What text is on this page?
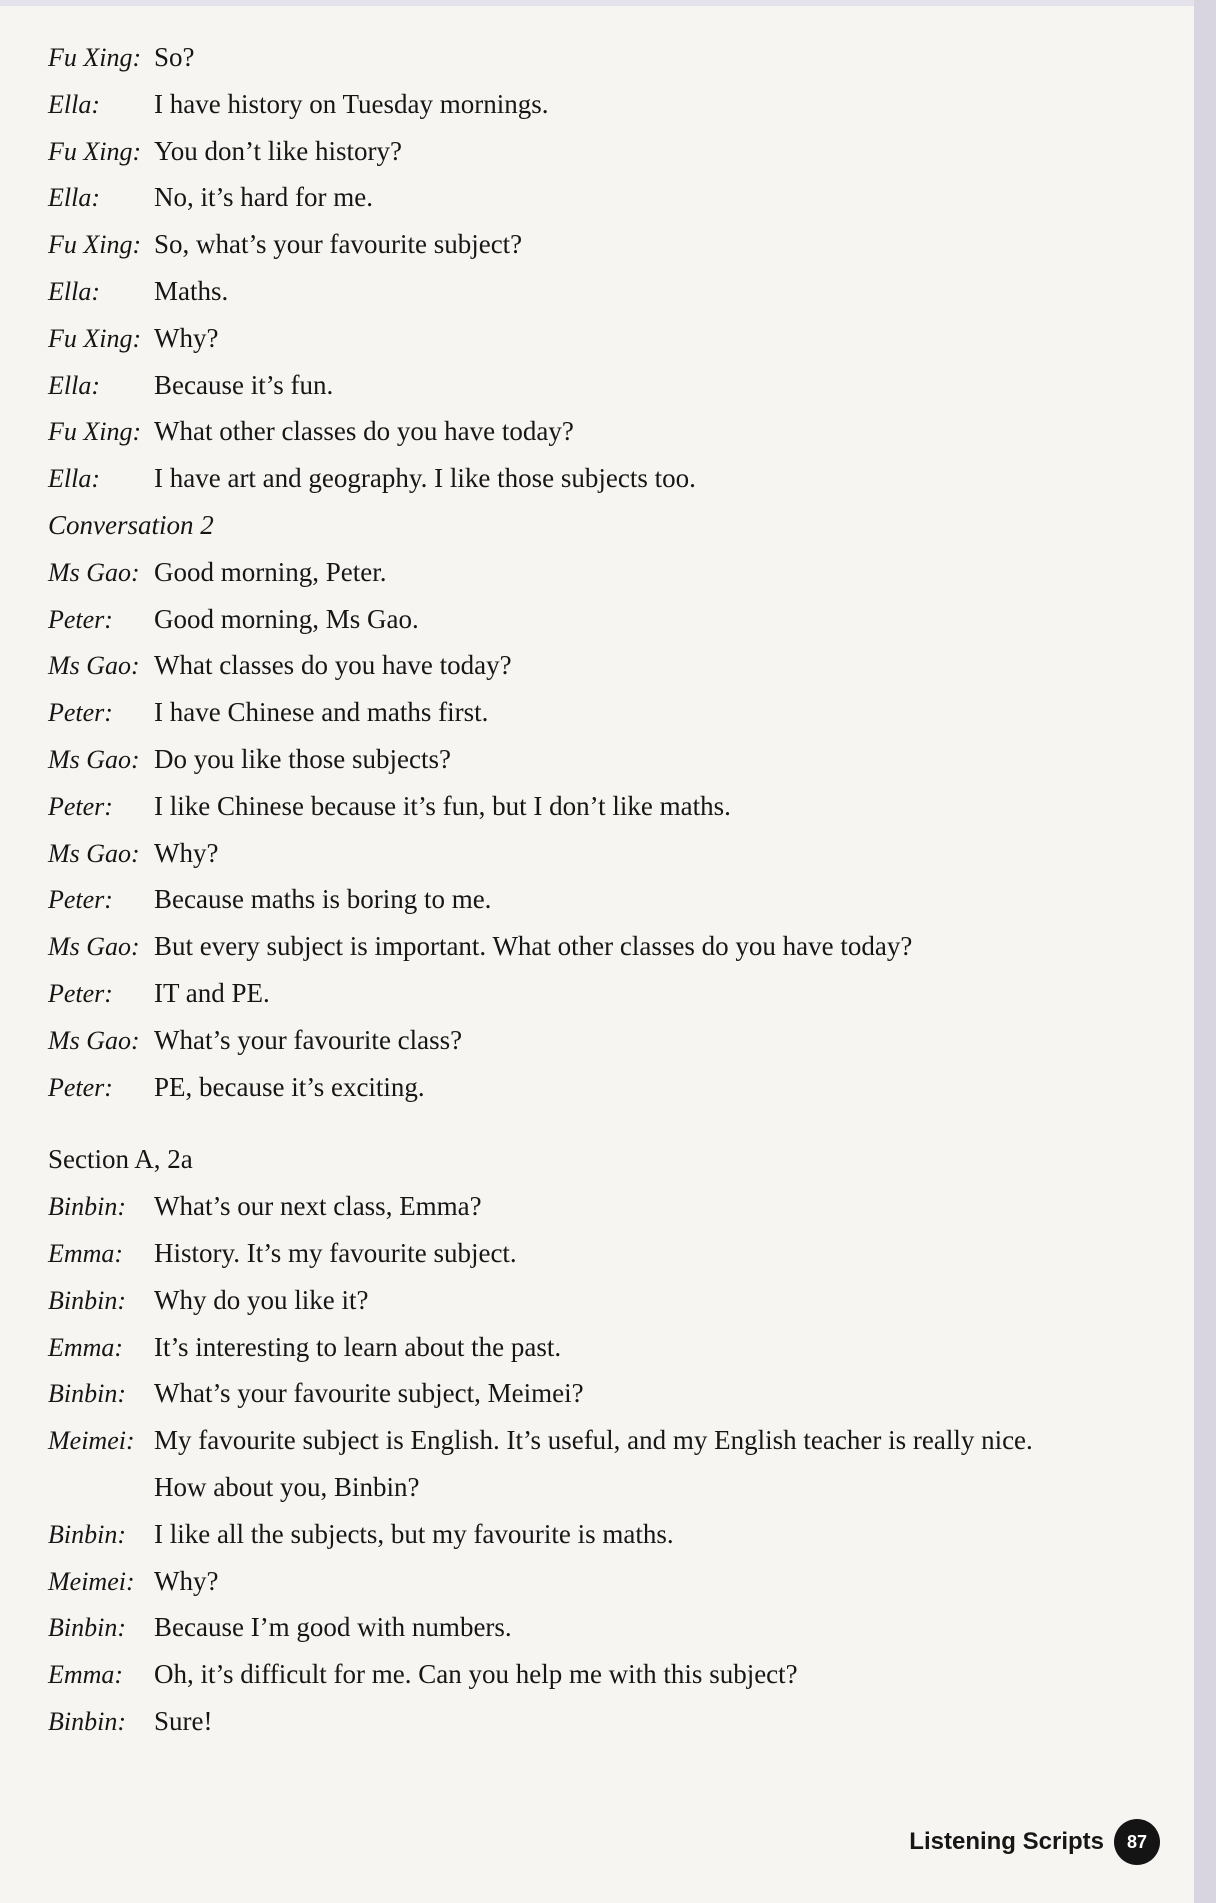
Fu Xing: So?
Ella:	I have history on Tuesday mornings.
Fu Xing: You don’t like history?
Ella:	No, it’s hard for me.
Fu Xing: So, what’s your favourite subject?
Ella:	Maths.
Fu Xing: Why?
Ella:	Because it’s fun.
Fu Xing: What other classes do you have today?
Ella:	I have art and geography. I like those subjects too.
Conversation 2
Ms Gao: Good morning, Peter.
Peter:	Good morning, Ms Gao.
Ms Gao: What classes do you have today?
Peter:	I have Chinese and maths first.
Ms Gao: Do you like those subjects?
Peter:	I like Chinese because it’s fun, but I don’t like maths.
Ms Gao: Why?
Peter:	Because maths is boring to me.
Ms Gao: But every subject is important. What other classes do you have today?
Peter:	IT and PE.
Ms Gao: What’s your favourite class?
Peter:	PE, because it’s exciting.
Section A, 2a
Binbin:	What’s our next class, Emma?
Emma:	History. It’s my favourite subject.
Binbin:	Why do you like it?
Emma:	It’s interesting to learn about the past.
Binbin:	What’s your favourite subject, Meimei?
Meimei: My favourite subject is English. It’s useful, and my English teacher is really nice.
How about you, Binbin?
Binbin:	I like all the subjects, but my favourite is maths.
Meimei: Why?
Binbin:	Because I’m good with numbers.
Emma:	Oh, it’s difficult for me. Can you help me with this subject?
Binbin:	Sure!
Listening Scripts	87
